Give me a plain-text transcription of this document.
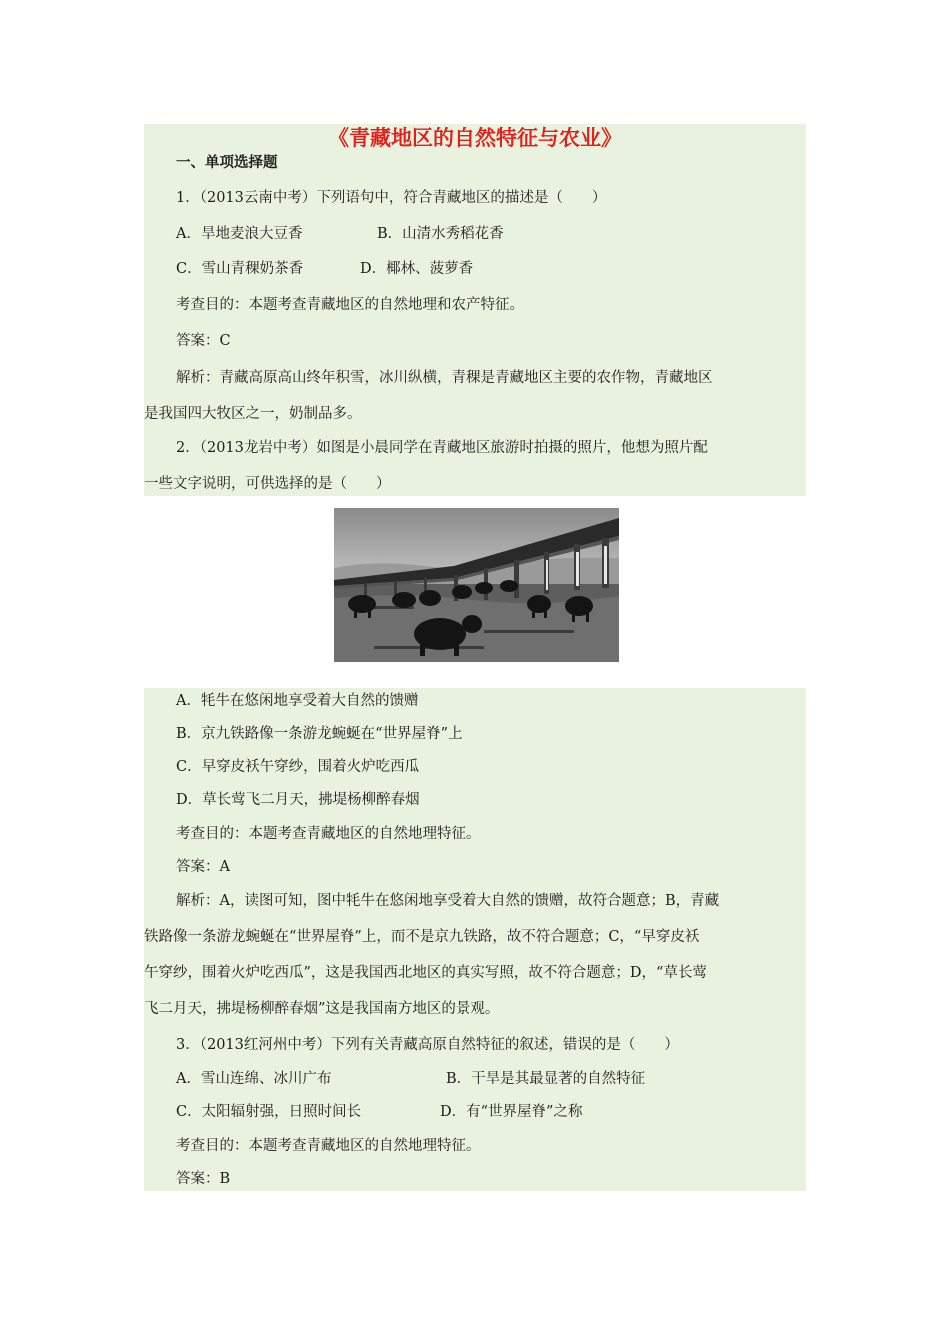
《青藏地区的自然特征与农业》
一、单项选择题
1．（2013云南中考）下列语句中，符合青藏地区的描述是（　　）
A．旱地麦浪大豆香	B．山清水秀稻花香
C．雪山青稞奶茶香	D．椰林、菠萝香
考查目的：本题考查青藏地区的自然地理和农产特征。
答案：C
解析：青藏高原高山终年积雪，冰川纵横，青稞是青藏地区主要的农作物，青藏地区
是我国四大牧区之一，奶制品多。
2．（2013龙岩中考）如图是小晨同学在青藏地区旅游时拍摄的照片，他想为照片配
一些文字说明，可供选择的是（　　）
A．牦牛在悠闲地享受着大自然的馈赠
B．京九铁路像一条游龙蜿蜒在“世界屋脊”上
C．早穿皮袄午穿纱，围着火炉吃西瓜
D．草长莺飞二月天，拂堤杨柳醉春烟
考查目的：本题考查青藏地区的自然地理特征。
答案：A
解析：A，读图可知，图中牦牛在悠闲地享受着大自然的馈赠，故符合题意；B，青藏
铁路像一条游龙蜿蜒在“世界屋脊”上，而不是京九铁路，故不符合题意；C，“早穿皮袄
午穿纱，围着火炉吃西瓜”，这是我国西北地区的真实写照，故不符合题意；D，“草长莺
飞二月天，拂堤杨柳醉春烟”这是我国南方地区的景观。
3．（2013红河州中考）下列有关青藏高原自然特征的叙述，错误的是（　　）
A．雪山连绵、冰川广布	B．干旱是其最显著的自然特征
C．太阳辐射强，日照时间长	D．有“世界屋脊”之称
考查目的：本题考查青藏地区的自然地理特征。
答案：B
